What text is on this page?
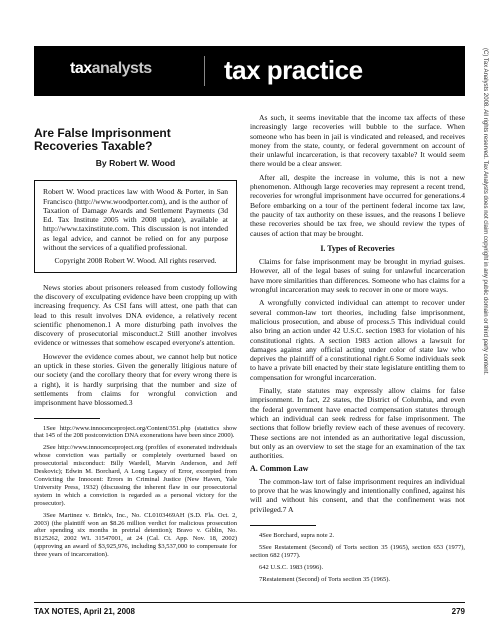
taxanalysts	tax practice
Are False Imprisonment Recoveries Taxable?
By Robert W. Wood

Robert W. Wood practices law with Wood & Porter, in San Francisco (http://www.woodporter.com), and is the author of Taxation of Damage Awards and Settlement Payments (3d Ed. Tax Institute 2005 with 2008 update), available at http://www.taxinstitute.com. This discussion is not intended as legal advice, and cannot be relied on for any purpose without the services of a qualified professional.

Copyright 2008 Robert W. Wood. All rights reserved.

News stories about prisoners released from custody following the discovery of exculpating evidence have been cropping up with increasing frequency. As CSI fans will attest, one path that can lead to this result involves DNA evidence, a relatively recent scientific phenomenon.1 A more disturbing path involves the discovery of prosecutorial misconduct.2 Still another involves evidence or witnesses that somehow escaped everyone's attention.

However the evidence comes about, we cannot help but notice an uptick in these stories. Given the generally litigious nature of our society (and the corollary theory that for every wrong there is a right), it is hardly surprising that the number and size of settlements from claims for wrongful conviction and imprisonment have blossomed.3

1See http://www.innocenceproject.org/Content/351.php (statistics show that 145 of the 208 postconviction DNA exonerations have been since 2000).

2See http://www.innocenceproject.org (profiles of exonerated individuals whose conviction was partially or completely overturned based on prosecutorial misconduct: Billy Wardell, Marvin Anderson, and Jeff Deskovic); Edwin M. Borchard, A Long Legacy of Error, excerpted from Convicting the Innocent: Errors in Criminal Justice (New Haven, Yale University Press, 1932) (discussing the inherent flaw in our prosecutorial system in which a conviction is regarded as a personal victory for the prosecutor).

3See Martinez v. Brink's, Inc., No. CL0103469AH (S.D. Fla. Oct. 2, 2003) (the plaintiff won an $8.26 million verdict for malicious prosecution after spending six months in pretrial detention); Bravo v. Giblin, No. B125262, 2002 WL 31547001, at 24 (Cal. Ct. App. Nov. 18, 2002) (approving an award of $3,925,976, including $3,537,000 to compensate for three years of incarceration).

As such, it seems inevitable that the income tax affects of these increasingly large recoveries will bubble to the surface. When someone who has been in jail is vindicated and released, and receives money from the state, county, or federal government on account of their unlawful incarceration, is that recovery taxable? It would seem there would be a clear answer.

After all, despite the increase in volume, this is not a new phenomenon. Although large recoveries may represent a recent trend, recoveries for wrongful imprisonment have occurred for generations.4 Before embarking on a tour of the pertinent federal income tax law, the paucity of tax authority on these issues, and the reasons I believe these recoveries should be tax free, we should review the types of causes of action that may be brought.

I. Types of Recoveries

Claims for false imprisonment may be brought in myriad guises. However, all of the legal bases of suing for unlawful incarceration have more similarities than differences. Someone who has claims for a wrongful incarceration may seek to recover in one or more ways.

A wrongfully convicted individual can attempt to recover under several common-law tort theories, including false imprisonment, malicious prosecution, and abuse of process.5 This individual could also bring an action under 42 U.S.C. section 1983 for violation of his constitutional rights. A section 1983 action allows a lawsuit for damages against any official acting under color of state law who deprives the plaintiff of a constitutional right.6 Some individuals seek to have a private bill enacted by their state legislature entitling them to compensation for wrongful incarceration.

Finally, state statutes may expressly allow claims for false imprisonment. In fact, 22 states, the District of Columbia, and even the federal government have enacted compensation statutes through which an individual can seek redress for false imprisonment. The sections that follow briefly review each of these avenues of recovery. These sections are not intended as an authoritative legal discussion, but only as an overview to set the stage for an examination of the tax authorities.

A. Common Law

The common-law tort of false imprisonment requires an individual to prove that he was knowingly and intentionally confined, against his will and without his consent, and that the confinement was not privileged.7 A

4See Borchard, supra note 2.

5See Restatement (Second) of Torts section 35 (1965), section 653 (1977), section 682 (1977).

642 U.S.C. 1983 (1996).

7Restatement (Second) of Torts section 35 (1965).

TAX NOTES, April 21, 2008	279
(C) Tax Analysts 2008. All rights reserved. Tax Analysts does not claim copyright in any public domain or third party content.
